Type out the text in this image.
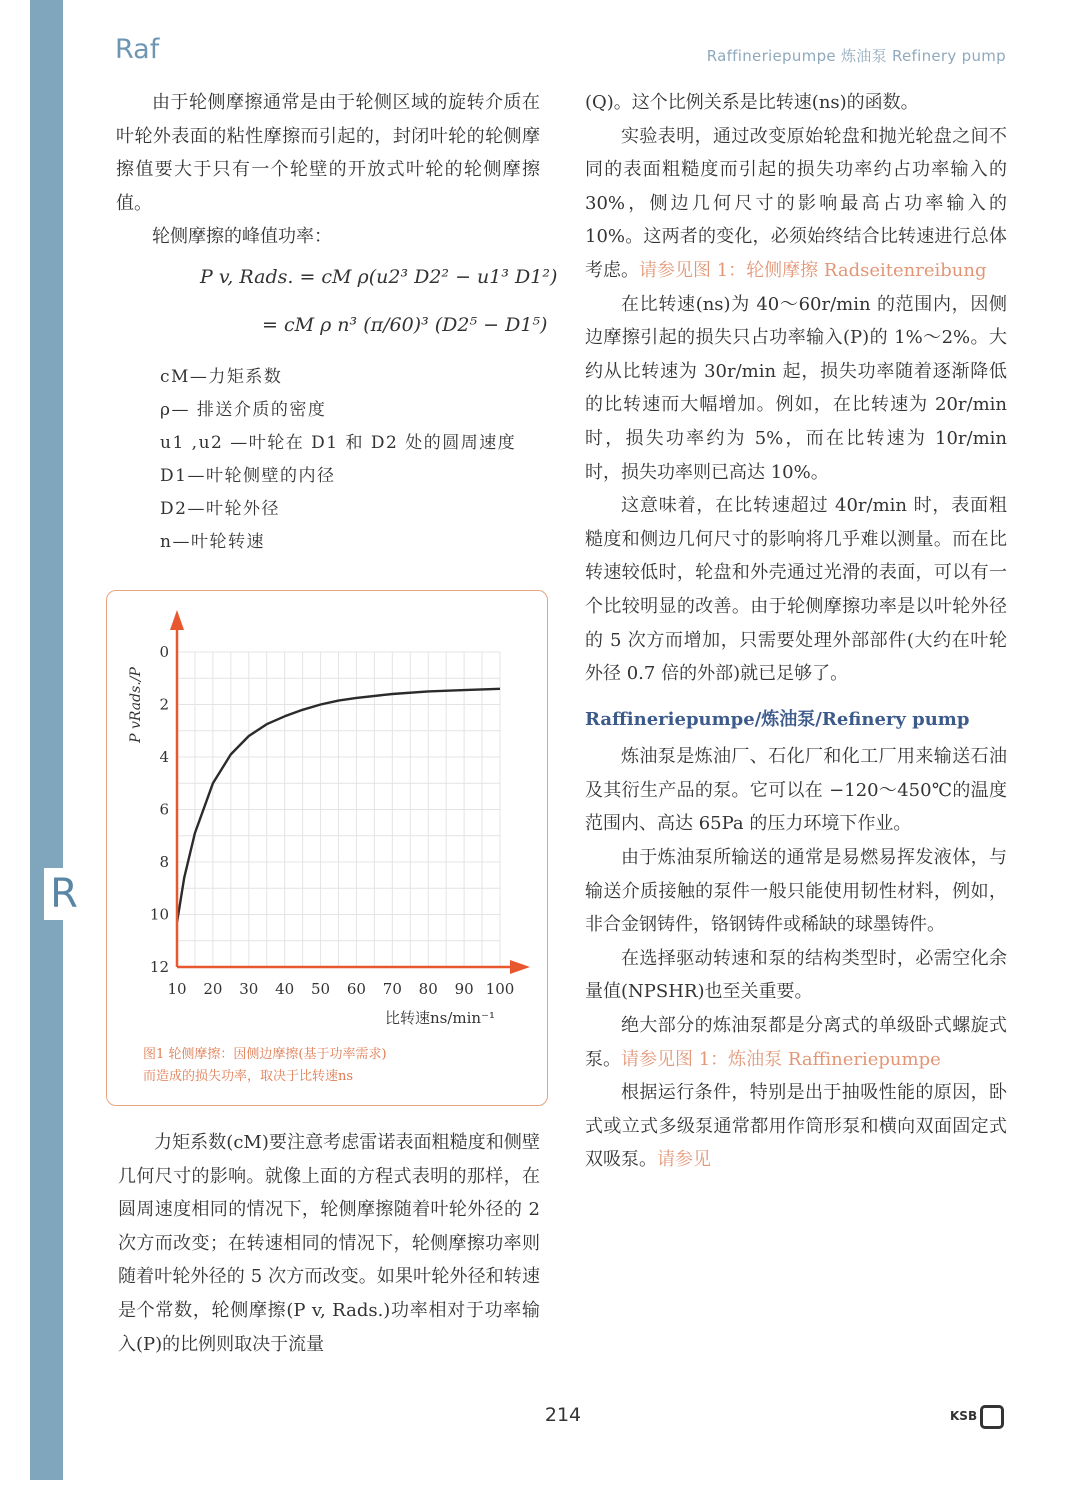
R
Raf	Raffineriepumpe 炼油泵 Refinery pump

由于轮侧摩擦通常是由于轮侧区域的旋转介质在叶轮外表面的粘性摩擦而引起的，封闭叶轮的轮侧摩擦值要大于只有一个轮壁的开放式叶轮的轮侧摩擦值。

轮侧摩擦的峰值功率：

P v, Rads. = cM ρ(u2³ D2² − u1³ D1²)
= cM ρ n³ (π/60)³ (D2⁵ − D1⁵)
cM—力矩系数
ρ— 排送介质的密度
u1 ,u2 —叶轮在 D1 和 D2 处的圆周速度
D1—叶轮侧壁的内径
D2—叶轮外径
n—叶轮转速
10 20 30 40 50 60 70 80 90 100
0
2
4
6
8
10
12
比转速ns/min⁻¹
P vRads./P
图1 轮侧摩擦：因侧边摩擦(基于功率需求)
而造成的损失功率，取决于比转速ns

力矩系数(cM)要注意考虑雷诺表面粗糙度和侧壁几何尺寸的影响。就像上面的方程式表明的那样，在圆周速度相同的情况下，轮侧摩擦随着叶轮外径的 2 次方而改变；在转速相同的情况下，轮侧摩擦功率则随着叶轮外径的 5 次方而改变。如果叶轮外径和转速是个常数，轮侧摩擦(P v, Rads.)功率相对于功率输入(P)的比例则取决于流量

(Q)。这个比例关系是比转速(ns)的函数。

实验表明，通过改变原始轮盘和抛光轮盘之间不同的表面粗糙度而引起的损失功率约占功率输入的 30%，侧边几何尺寸的影响最高占功率输入的 10%。这两者的变化，必须始终结合比转速进行总体考虑。请参见图 1：轮侧摩擦 Radseitenreibung

在比转速(ns)为 40～60r/min 的范围内，因侧边摩擦引起的损失只占功率输入(P)的 1%～2%。大约从比转速为 30r/min 起，损失功率随着逐渐降低的比转速而大幅增加。例如，在比转速为 20r/min 时，损失功率约为 5%，而在比转速为 10r/min 时，损失功率则已高达 10%。

这意味着，在比转速超过 40r/min 时，表面粗糙度和侧边几何尺寸的影响将几乎难以测量。而在比转速较低时，轮盘和外壳通过光滑的表面，可以有一个比较明显的改善。由于轮侧摩擦功率是以叶轮外径的 5 次方而增加，只需要处理外部部件(大约在叶轮外径 0.7 倍的外部)就已足够了。

Raffineriepumpe/炼油泵/Refinery pump

炼油泵是炼油厂、石化厂和化工厂用来输送石油及其衍生产品的泵。它可以在 −120～450℃的温度范围内、高达 65Pa 的压力环境下作业。

由于炼油泵所输送的通常是易燃易挥发液体，与输送介质接触的泵件一般只能使用韧性材料，例如，非合金钢铸件，铬钢铸件或稀缺的球墨铸件。

在选择驱动转速和泵的结构类型时，必需空化余量值(NPSHR)也至关重要。

绝大部分的炼油泵都是分离式的单级卧式螺旋式泵。请参见图 1：炼油泵 Raffineriepumpe

根据运行条件，特别是出于抽吸性能的原因，卧式或立式多级泵通常都用作筒形泵和横向双面固定式双吸泵。请参见

214	KSB
